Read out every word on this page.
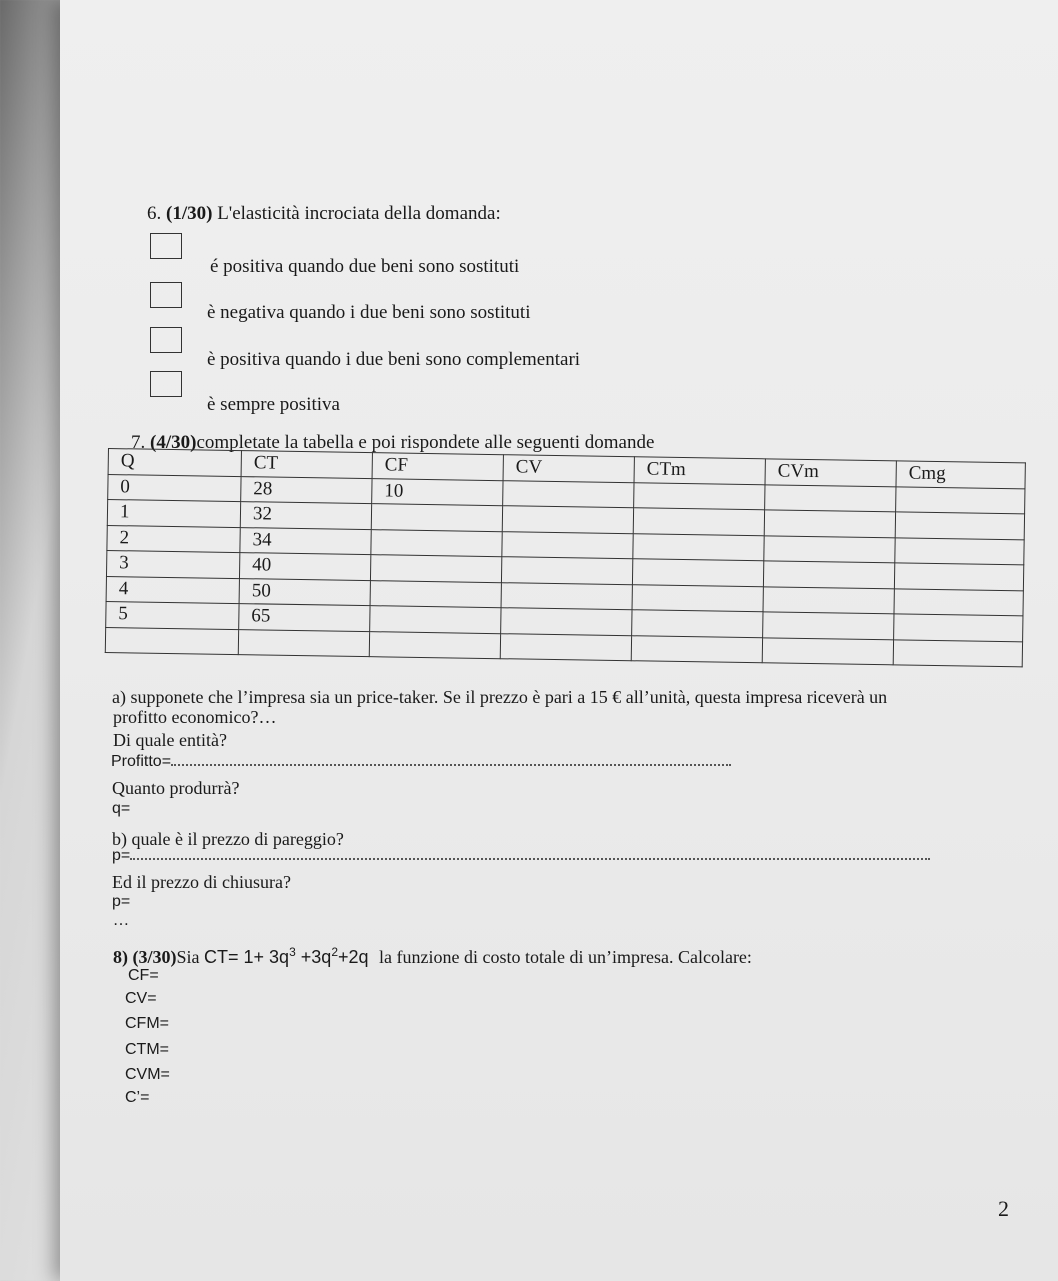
6. (1/30) L'elasticità incrociata della domanda:
é positiva quando due beni sono sostituti
è negativa quando i due beni sono sostituti
è positiva quando i due beni sono complementari
è sempre positiva
7. (4/30)completate la tabella e poi rispondete alle seguenti domande
Q	CT	CF	CV	CTm	CVm	Cmg
0	28	10				
1	32					
2	34					
3	40					
4	50					
5	65					

a) supponete che l’impresa sia un price-taker. Se il prezzo è pari a 15 € all’unità, questa impresa riceverà un
profitto economico?…
Di quale entità?
Profitto=
Quanto produrrà?
q=
b) quale è il prezzo di pareggio?
p=
Ed il prezzo di chiusura?
p=
…
8) (3/30)Sia $CT= 1+ 3q^3 +3q^2+2q$ la funzione di costo totale di un’impresa. Calcolare:
CF=
CV=
CFM=
CTM=
CVM=
C’=
2
